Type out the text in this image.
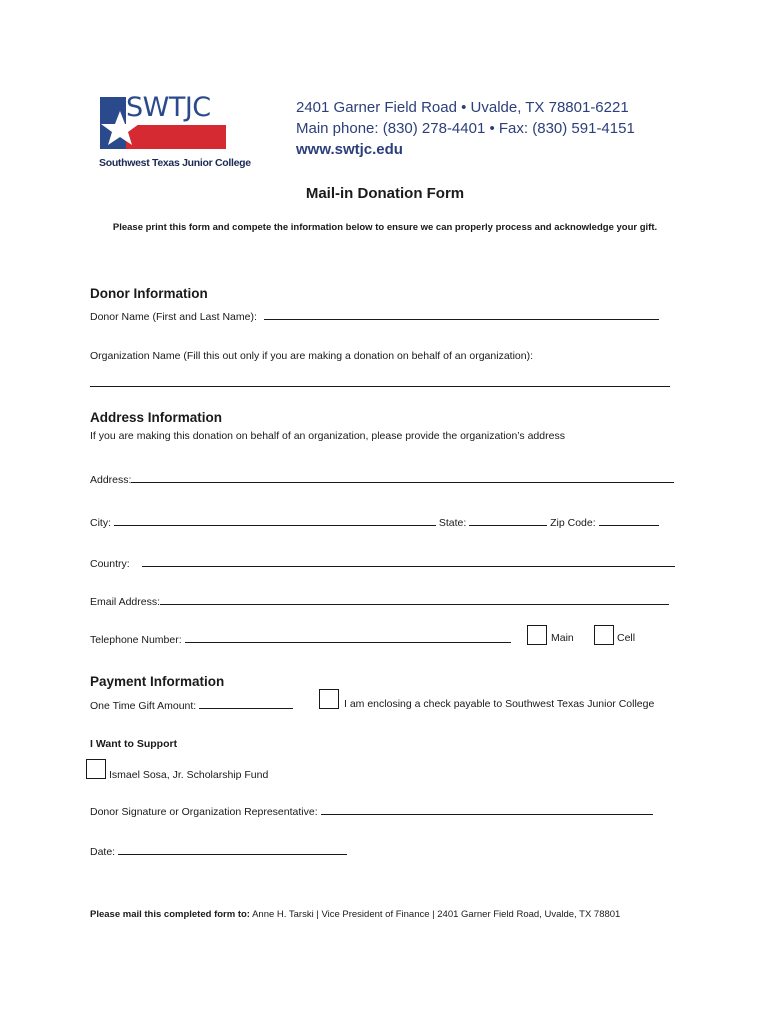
SWTJC
Southwest Texas Junior College
2401 Garner Field Road • Uvalde, TX 78801-6221
Main phone: (830) 278-4401 • Fax: (830) 591-4151
www.swtjc.edu
Mail-in Donation Form
Please print this form and compete the information below to ensure we can properly process and acknowledge your gift.
Donor Information
Donor Name (First and Last Name):
Organization Name (Fill this out only if you are making a donation on behalf of an organization):
Address Information
If you are making this donation on behalf of an organization, please provide the organization’s address
Address:
City:	State:	Zip Code:
Country:
Email Address:
Telephone Number:	Main	Cell
Payment Information
One Time Gift Amount:	I am enclosing a check payable to Southwest Texas Junior College
I Want to Support
Ismael Sosa, Jr. Scholarship Fund
Donor Signature or Organization Representative:
Date:
Please mail this completed form to: Anne H. Tarski | Vice President of Finance | 2401 Garner Field Road, Uvalde, TX 78801
